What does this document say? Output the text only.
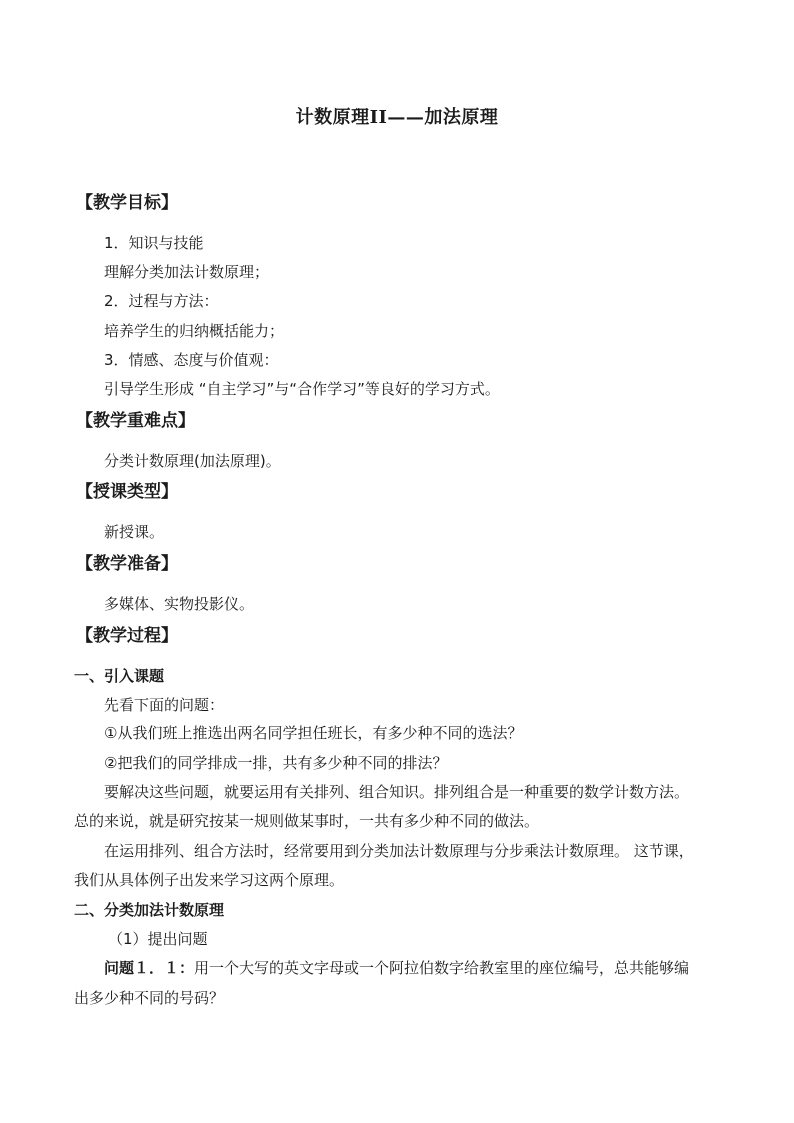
计数原理II——加法原理
【教学目标】
1．知识与技能
理解分类加法计数原理；
2．过程与方法：
培养学生的归纳概括能力；
3．情感、态度与价值观：
引导学生形成 “自主学习”与“合作学习”等良好的学习方式。
【教学重难点】
分类计数原理(加法原理)。
【授课类型】
新授课。
【教学准备】
多媒体、实物投影仪。
【教学过程】
一、引入课题
先看下面的问题：
①从我们班上推选出两名同学担任班长，有多少种不同的选法？
②把我们的同学排成一排，共有多少种不同的排法？
要解决这些问题，就要运用有关排列、组合知识。排列组合是一种重要的数学计数方法。
总的来说，就是研究按某一规则做某事时，一共有多少种不同的做法。
在运用排列、组合方法时，经常要用到分类加法计数原理与分步乘法计数原理。 这节课，
我们从具体例子出发来学习这两个原理。
二、分类加法计数原理
（1）提出问题
问题１．１：用一个大写的英文字母或一个阿拉伯数字给教室里的座位编号，总共能够编
出多少种不同的号码？
